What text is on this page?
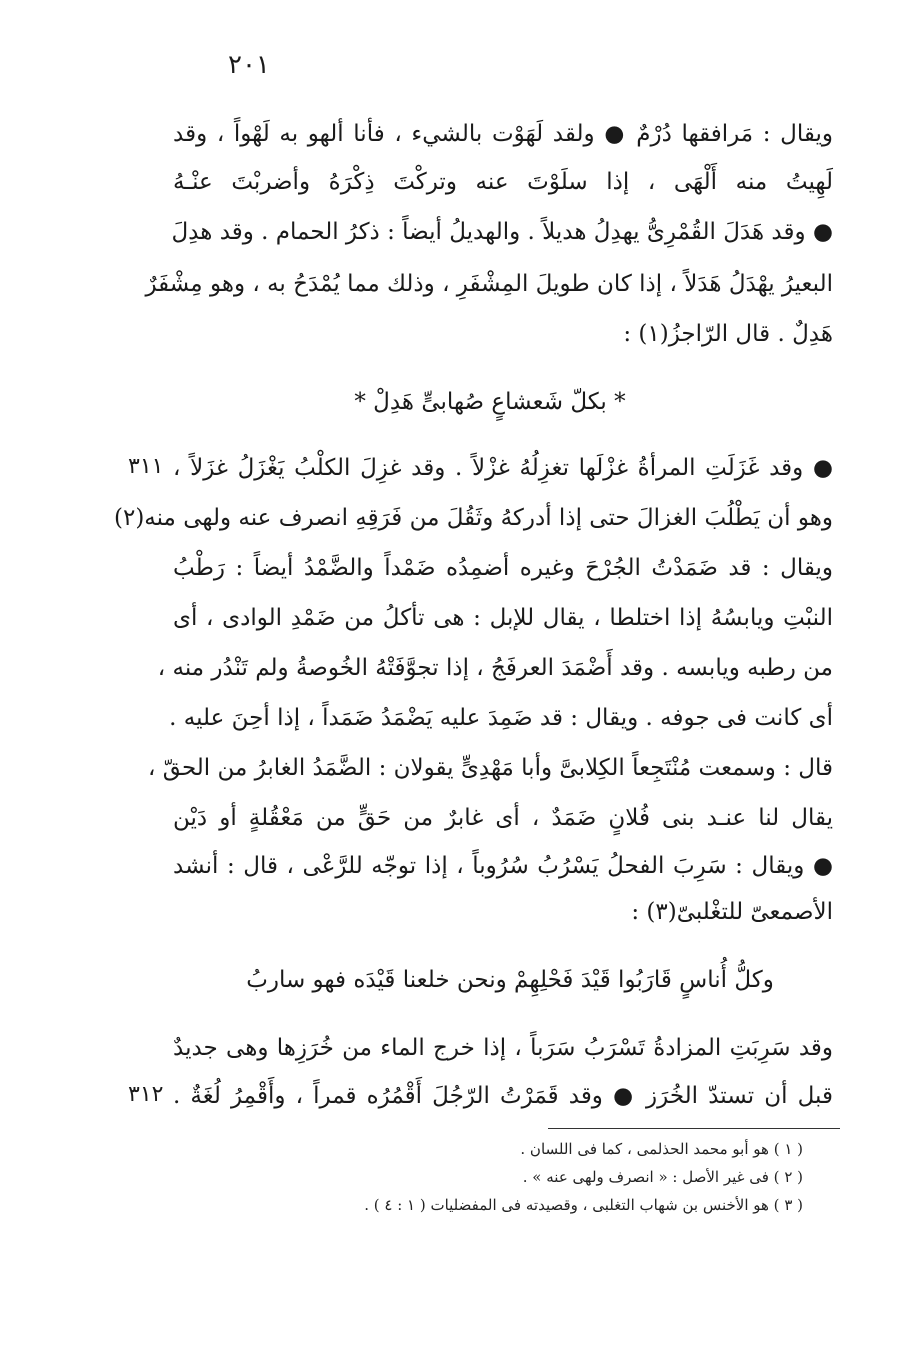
٢٠١
ويقال : مَرافقها دُرْمٌ ● ولقد لَهَوْت بالشيء ، فأنا ألهو به لَهْواً ، وقد
لَهِيتُ منه أَلْهَى ، إذا سلَوْتَ عنه وتركْتَ ذِكْرَهُ وأضربْتَ عنْـهُ
● وقد هَدَلَ القُمْرِىُّ يهدِلُ هديلاً . والهديلُ أيضاً : ذكرُ الحمام . وقد هدِلَ
البعيرُ يهْدَلُ هَدَلاً ، إذا كان طويلَ المِشْفَرِ ، وذلك مما يُمْدَحُ به ، وهو مِشْفَرٌ
هَدِلٌ . قال الرّاجزُ(١) :
* بكلّ شَعشاعٍ صُهابىٍّ هَدِلْ *
٣١١ ● وقد غَزَلَتِ المرأةُ غزْلَها تغزِلُهُ غزْلاً . وقد غزِلَ الكلْبُ يَغْزَلُ غزَلاً ،
وهو أن يَطْلُبَ الغزالَ حتى إذا أدركهُ وثَقُلَ من فَرَقِهِ انصرف عنه ولهى منه(٢)
ويقال : قد ضَمَدْتُ الجُرْحَ وغيره أضمِدُه ضَمْداً والضَّمْدُ أيضاً : رَطْبُ
النبْتِ ويابسُهُ إذا اختلطا ، يقال للإبل : هى تأكلُ من ضَمْدِ الوادى ، أى
من رطبه ويابسه . وقد أَضْمَدَ العرفَجُ ، إذا تجوَّفَتْهُ الخُوصةُ ولم تَنْدُر منه ،
أى كانت فى جوفه . ويقال : قد ضَمِدَ عليه يَضْمَدُ ضَمَداً ، إذا أحِنَ عليه .
قال : وسمعت مُنْتَجِعاً الكِلابىَّ وأبا مَهْدِىٍّ يقولان : الضَّمَدُ الغابرُ من الحقّ ،
يقال لنا عنـد بنى فُلانٍ ضَمَدٌ ، أى غابرٌ من حَقٍّ من مَعْقُلةٍ أو دَيْن
● ويقال : سَرِبَ الفحلُ يَسْرُبُ سُرُوباً ، إذا توجّه للرَّعْى ، قال : أنشد
الأصمعىّ للتغْلبىّ(٣) :
وكلُّ أُناسٍ قَارَبُوا قَيْدَ فَحْلِهِمْ ونحن خلعنا قَيْدَه فهو ساربُ
وقد سَرِبَتِ المزادةُ تَسْرَبُ سَرَباً ، إذا خرج الماء من خُرَزِها وهى جديدٌ
٣١٢ قبل أن تستدّ الخُرَز ● وقد قَمَرْتُ الرّجُلَ أَقْمُرُه قمراً ، وأَقْمِرُ لُغَةٌ .
( ١ ) هو أبو محمد الحذلمى ، كما فى اللسان .
( ٢ ) فى غير الأصل : « انصرف ولهى عنه » .
( ٣ ) هو الأخنس بن شهاب التغلبى ، وقصيدته فى المفضليات ( ١ : ٤ ) .
